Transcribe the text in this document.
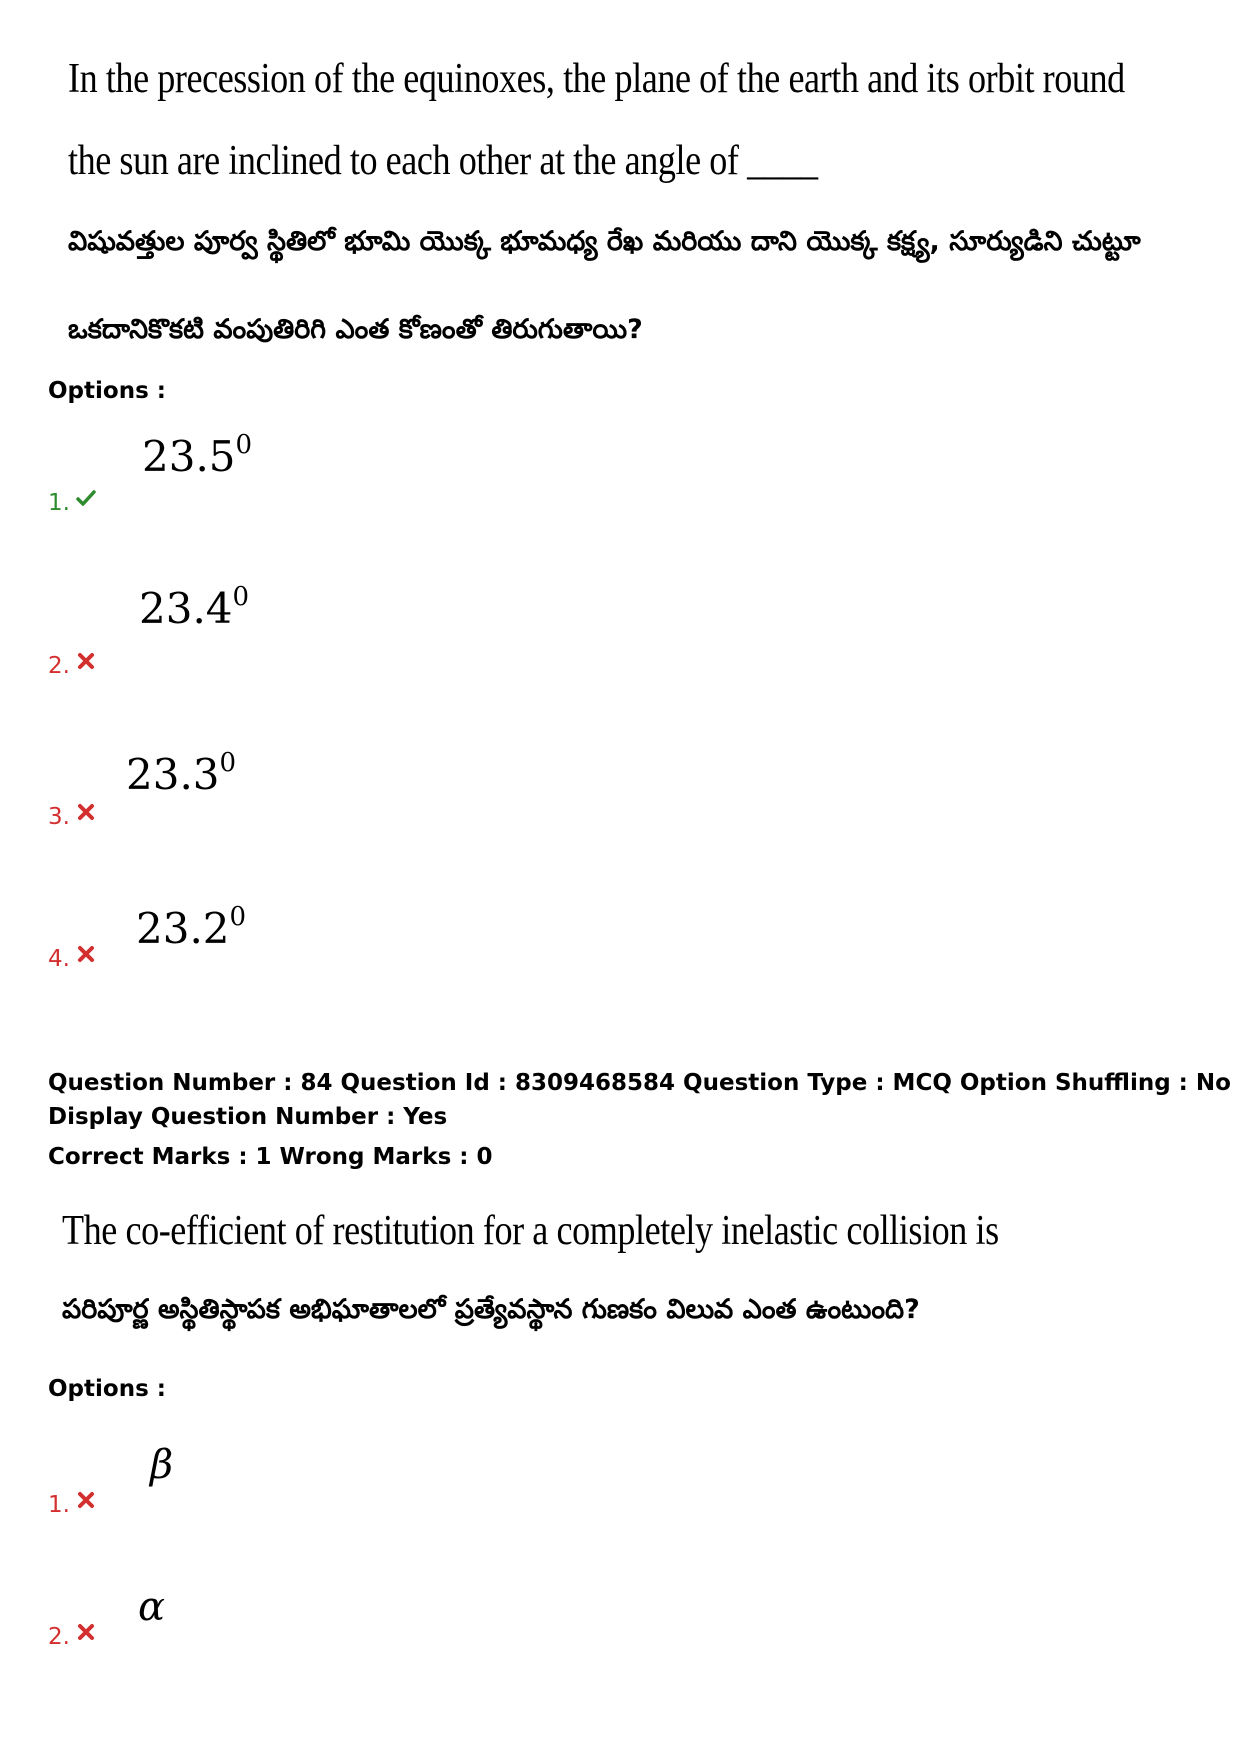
In the precession of the equinoxes, the plane of the earth and its orbit round
the sun are inclined to each other at the angle of ____
విషువత్తుల పూర్వ స్థితిలో భూమి యొక్క భూమధ్య రేఖ మరియు దాని యొక్క కక్ష్య, సూర్యుడిని చుట్టూ
ఒకదానికొకటి వంపుతిరిగి ఎంత కోణంతో తిరుగుతాయి?
Options :
23.5$^0$
1.
23.4$^0$
2.
23.3$^0$
3.
23.2$^0$
4.
Question Number : 84 Question Id : 8309468584 Question Type : MCQ Option Shuffling : No
Display Question Number : Yes
Correct Marks : 1 Wrong Marks : 0
The co-efficient of restitution for a completely inelastic collision is
పరిపూర్ణ అస్థితిస్థాపక అభిఘాతాలలో ప్రత్యేవస్థాన గుణకం విలువ ఎంత ఉంటుంది?
Options :
β
1.
α
2.
